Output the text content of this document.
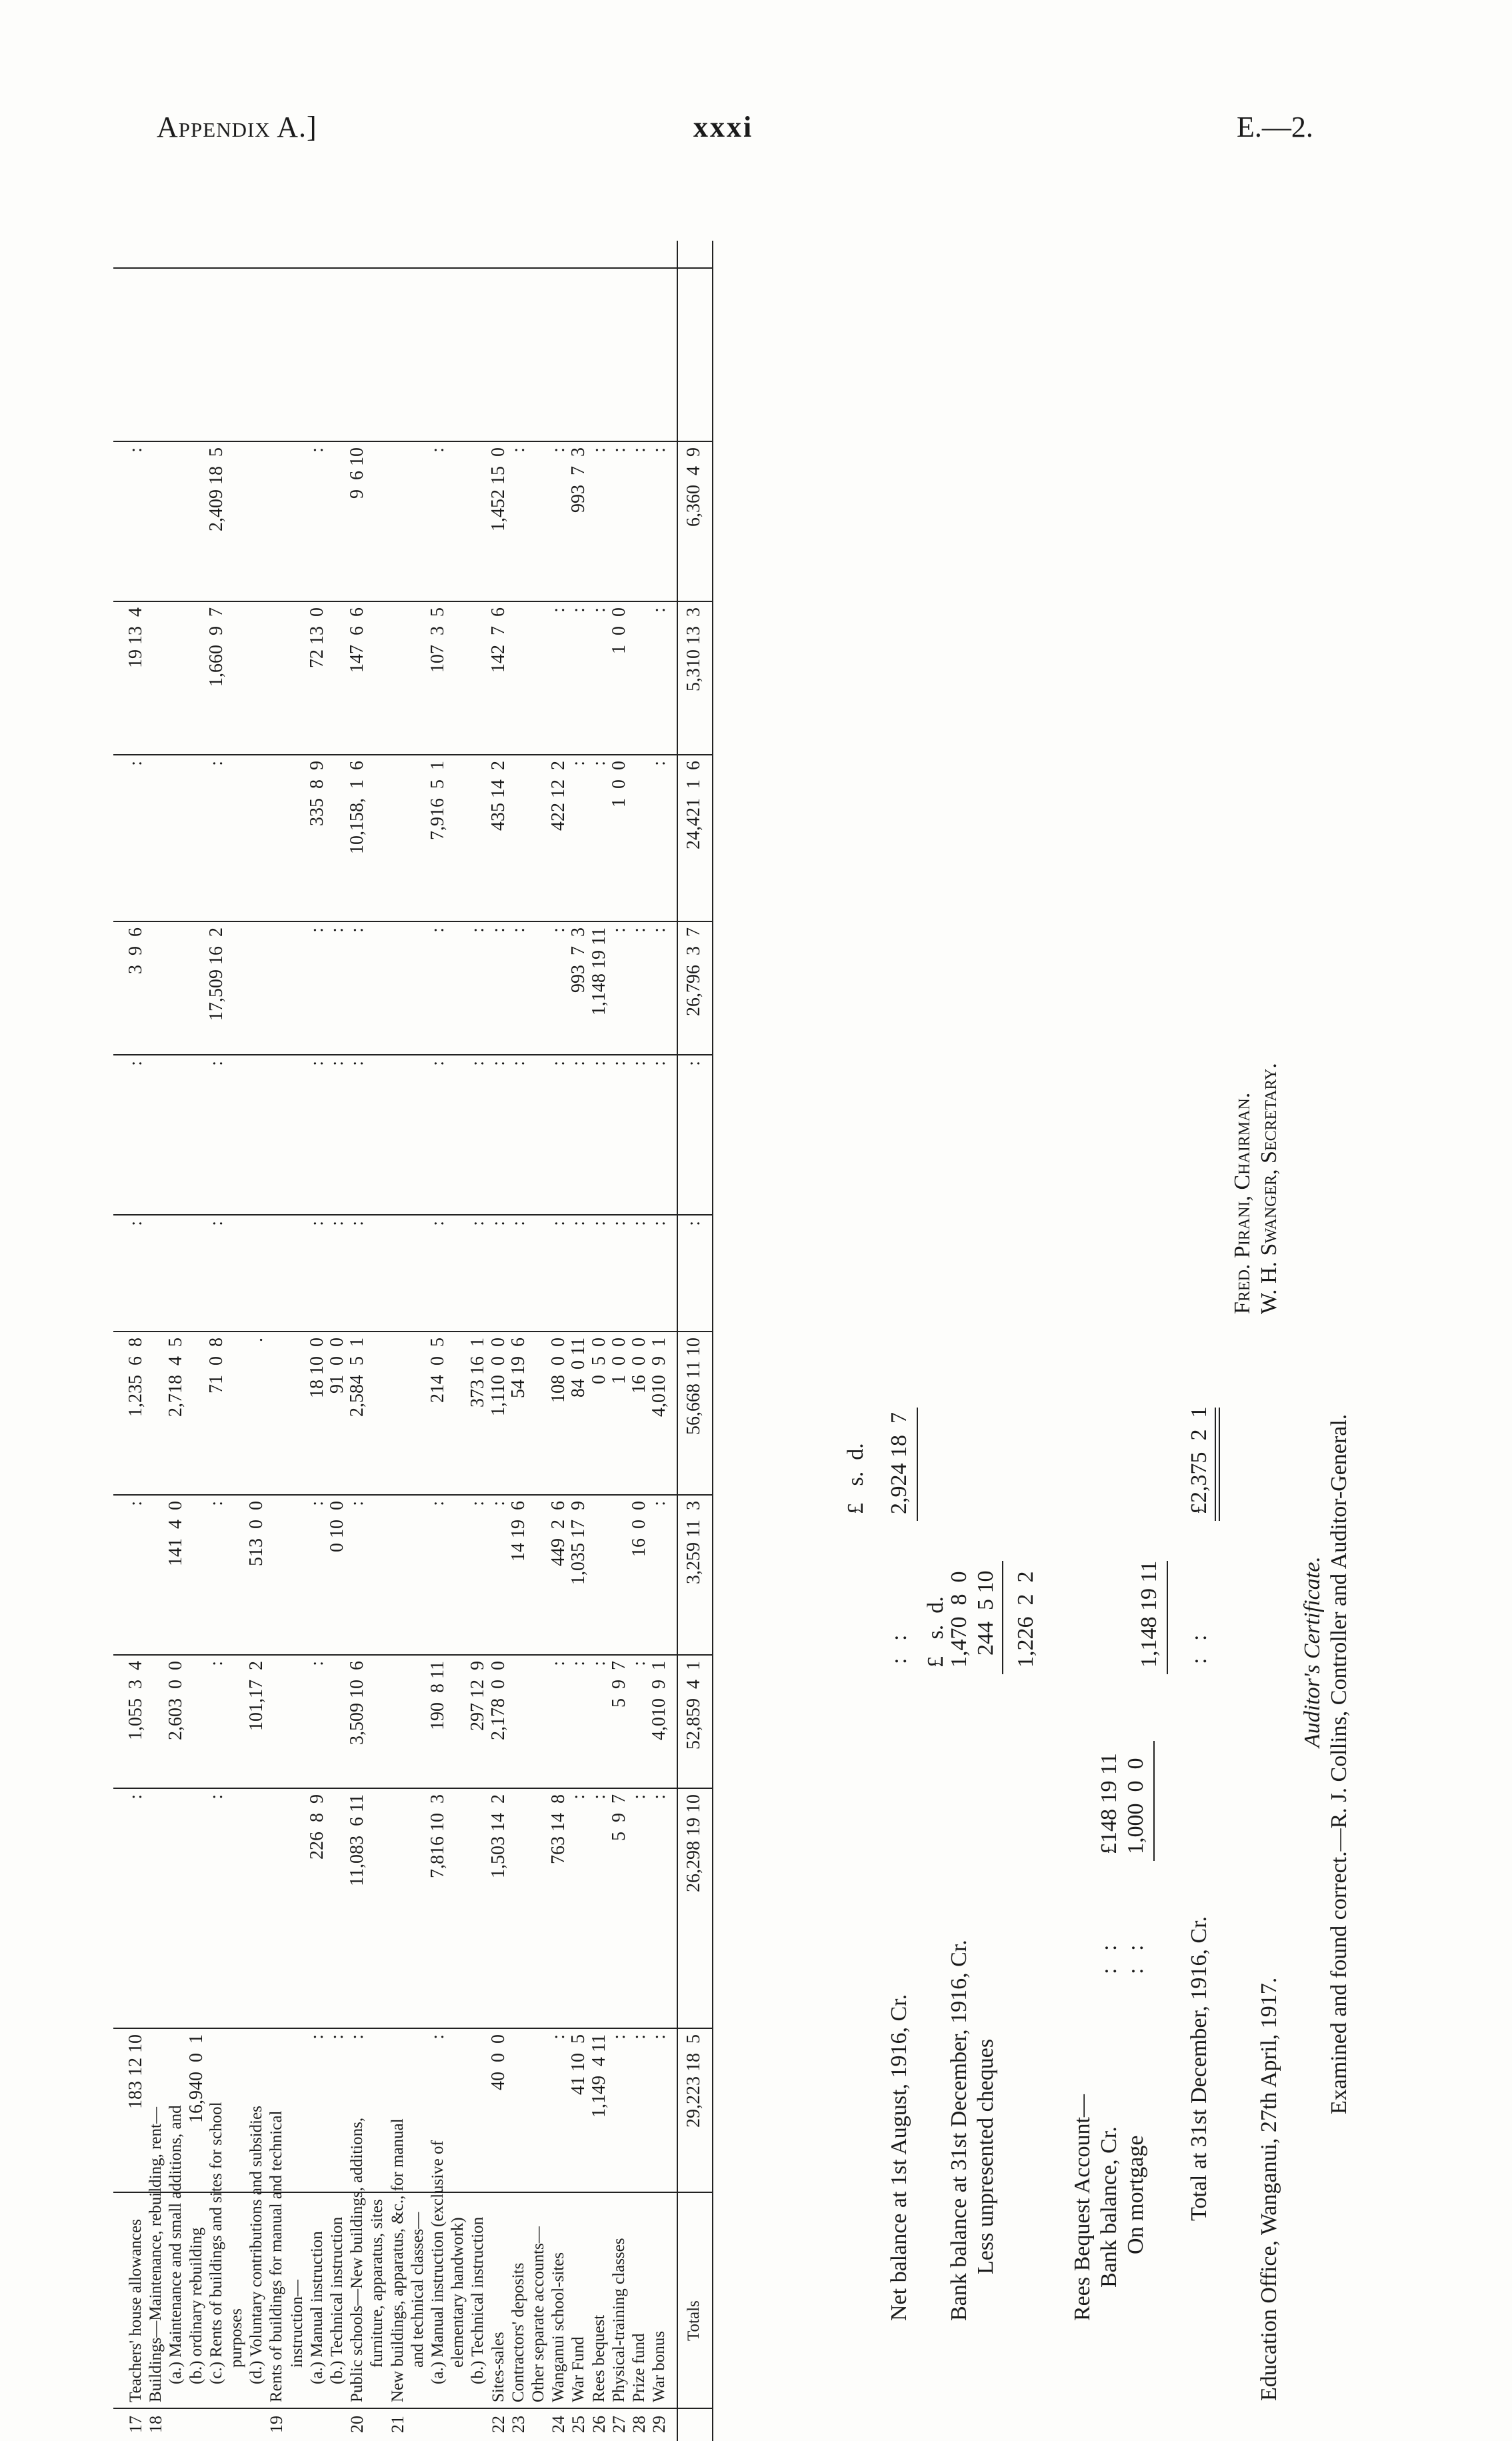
Appendix A.]	xxxi	E.—2.
17
Teachers' house allowances
183 12 10
:
1,055  3  4
:
1,235  6  8
:
:
3  9  6
:
19 13  4
:
18
Buildings—Maintenance, rebuilding, rent— (a.) Maintenance and small additions, and
2,603  0  0
141  4  0
2,718  4  5
(b.) ordinary rebuilding
16,940  0  1
(c.) Rents of buildings and sites for school
:
:
:
71  0  8
:
:
17,509 16  2
:
1,660  9  7
2,409 18  5
purposes (d.) Voluntary contributions and subsidies
101,17  2
513  0  0
.
19
Rents of buildings for manual and technical instruction— (a.) Manual instruction
:
226  8  9
:
:
18 10  0
:
:
:
335  8  9
72 13  0
:
(b.) Technical instruction
:
0 10  0
91  0  0
:
:
:
20
Public schools—New buildings, additions,
:
11,083  6 11
3,509 10  6
:
2,584  5  1
:
:
:
10,158,  1  6
147  6  6
9  6 10
furniture, apparatus, sites
21
New buildings, apparatus, &c., for manual and technical classes— (a.) Manual instruction (exclusive of
:
7,816 10  3
190  8 11
:
214  0  5
:
:
:
7,916  5  1
107  3  5
:
elementary handwork) (b.) Technical instruction
297 12  9
:
373 16  1
:
:
:
22
Sites-sales
40  0  0
1,503 14  2
2,178  0  0
:
1,110  0  0
:
:
:
435 14  2
142  7  6
1,452 15  0
23
Contractors' deposits
14 19  6
54 19  6
:
:
:
:
Other separate accounts—
24
Wanganui school-sites
:
763 14  8
:
449  2  6
108  0  0
:
:
:
422 12  2
:
:
25
War Fund
41 10  5
:
:
1,035 17  9
84  0 11
:
:
993  7  3
:
:
993  7  3
26
Rees bequest
1,149  4 11
:
:
0  5  0
:
:
1,148 19 11
:
:
:
27
Physical-training classes
:
5  9  7
5  9  7
1  0  0
:
:
:
1  0  0
1  0  0
:
28
Prize fund
:
:
:
16  0  0
16  0  0
:
:
:
:
29
War bonus
:
:
4,010  9  1
:
4,010  9  1
:
:
:
:
:
:
Totals
29,223 18  5
26,298 19 10
52,859  4  1
3,259 11  3
56,668 11 10
:
:
26,796  3  7
24,421  1  6
5,310 13  3
6,360  4  9
£   s.  d.
Net balance at 1st August, 1916, Cr.
:   :
2,924 18  7
£   s.  d.
Bank balance at 31st December, 1916, Cr.
1,470  8  0
Less unpresented cheques
244  5 10 1,226  2  2
Rees Bequest Account— Bank balance, Cr.
:   :
£148 19 11
On mortgage
:   :
1,000  0  0
1,148 19 11
Total at 31st December, 1916, Cr.
:   :
£2,375  2  1
Fred. Pirani, Chairman. W. H. Swanger, Secretary.
Education Office, Wanganui, 27th April, 1917.
Auditor's Certificate. Examined and found correct.—R. J. Collins, Controller and Auditor-General.
